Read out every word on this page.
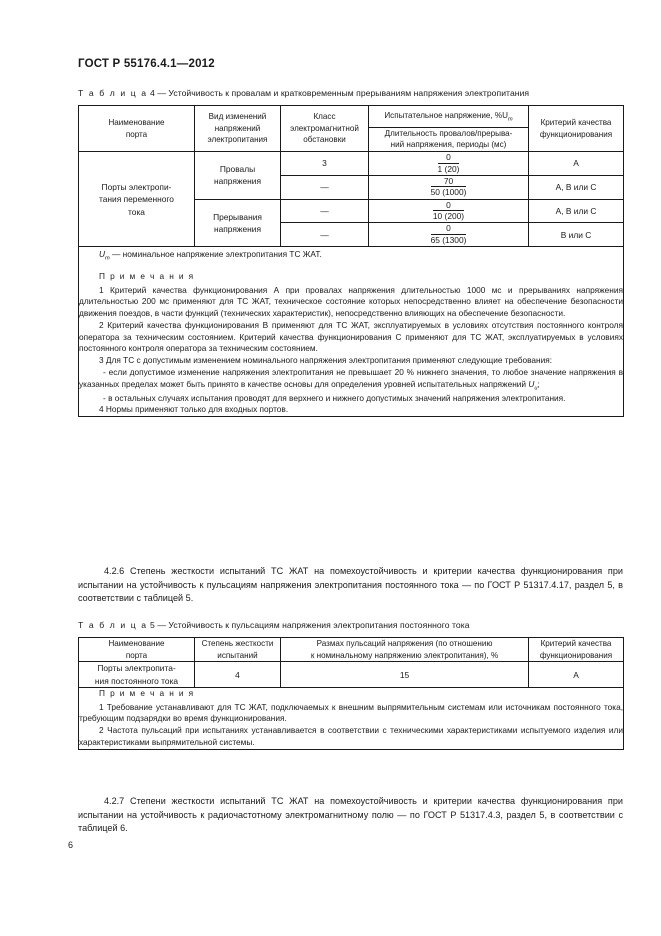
ГОСТ Р 55176.4.1—2012
Т а б л и ц а 4 — Устойчивость к провалам и кратковременным прерываниям напряжения электропитания
Наименование
порта	Вид изменений
напряжений
электропитания	Класс
электромагнитной
обстановки	Испытательное напряжение, $\%U_т$	Критерий качества
функционирования
			Длительность провалов/прерыва-
ний напряжения, периоды (мс)	

Порты электропи-
тания переменного
тока	Провалы
напряжения	3	$\frac{0}{1 (20)}$	А
		—	$\frac{70}{50 (1000)}$	А, В или С
	Прерывания
напряжения	—	$\frac{0}{10 (200)}$	А, В или С
		—	$\frac{0}{65 (1300)}$	В или С

$U_т$ — номинальное напряжение электропитания ТС ЖАТ.

П р и м е ч а н и я

1 Критерий качества функционирования А при провалах напряжения длительностью 1000 мс и прерываниях напряжения длительностью 200 мс применяют для ТС ЖАТ, техническое состояние которых непосредственно влияет на обеспечение безопасности движения поездов, в части функций (технических характеристик), непосредственно влияющих на обеспечение безопасности.

2 Критерий качества функционирования В применяют для ТС ЖАТ, эксплуатируемых в условиях отсутствия постоянного контроля оператора за техническим состоянием. Критерий качества функционирования С применяют для ТС ЖАТ, эксплуатируемых в условиях постоянного контроля оператора за техническим состоянием.

3 Для ТС с допустимым изменением номинального напряжения электропитания применяют следующие требования:

- если допустимое изменение напряжения электропитания не превышает 20 % нижнего значения, то любое значение напряжения в указанных пределах может быть принято в качестве основы для определения уровней испытательных напряжений $U_и$;

- в остальных случаях испытания проводят для верхнего и нижнего допустимых значений напряжения электропитания.

4 Нормы применяют только для входных портов.

4.2.6 Степень жесткости испытаний ТС ЖАТ на помехоустойчивость и критерии качества функционирования при испытании на устойчивость к пульсациям напряжения электропитания постоянного тока — по ГОСТ Р 51317.4.17, раздел 5, в соответствии с таблицей 5.

Т а б л и ц а 5 — Устойчивость к пульсациям напряжения электропитания постоянного тока
Наименование
порта	Степень жесткости
испытаний	Размах пульсаций напряжения (по отношению
к номинальному напряжению электропитания), %	Критерий качества
функционирования
Порты электропита-
ния постоянного тока	4	15	А

П р и м е ч а н и я

1 Требование устанавливают для ТС ЖАТ, подключаемых к внешним выпрямительным системам или источникам постоянного тока, требующим подзарядки во время функционирования.

2 Частота пульсаций при испытаниях устанавливается в соответствии с техническими характеристиками испытуемого изделия или характеристиками выпрямительной системы.			

4.2.7 Степени жесткости испытаний ТС ЖАТ на помехоустойчивость и критерии качества функционирования при испытании на устойчивость к радиочастотному электромагнитному полю — по ГОСТ Р 51317.4.3, раздел 5, в соответствии с таблицей 6.

6
